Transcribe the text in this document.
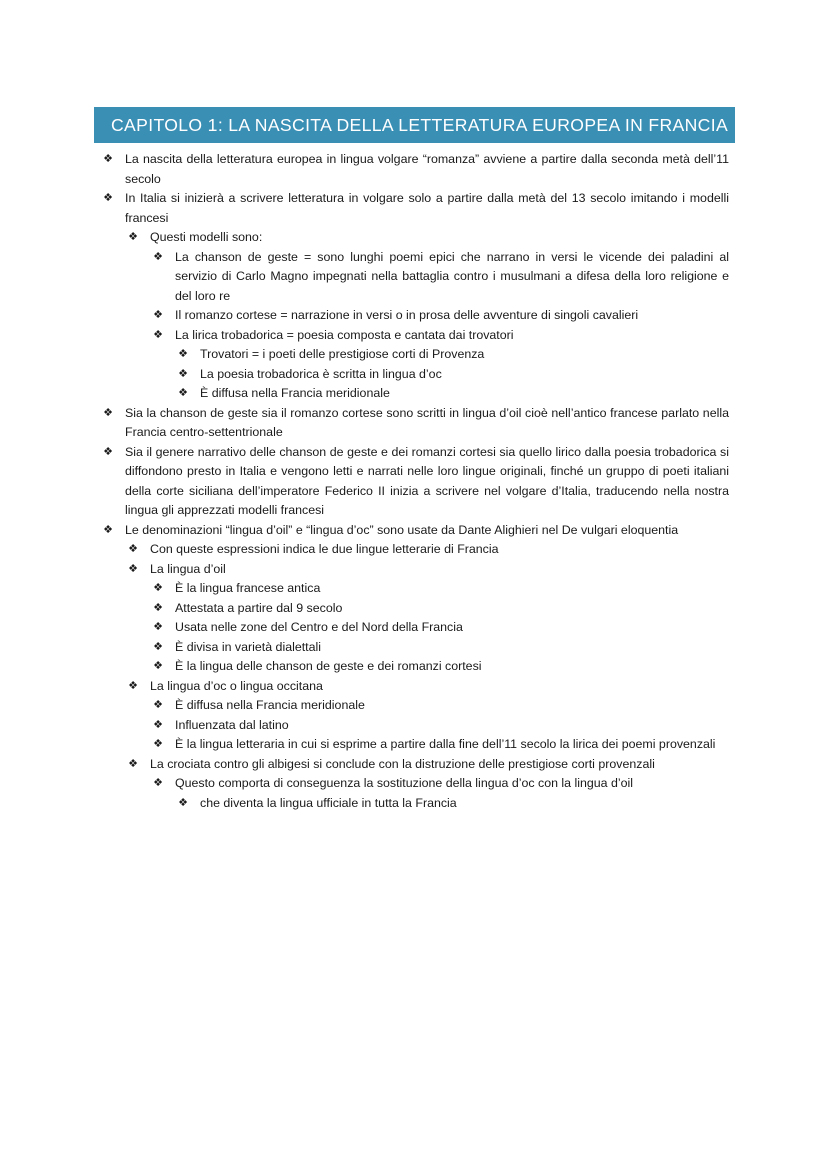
CAPITOLO 1: LA NASCITA DELLA LETTERATURA EUROPEA IN FRANCIA
❖ La nascita della letteratura europea in lingua volgare “romanza” avviene a partire dalla seconda metà dell’11 secolo
❖ In Italia si inizierà a scrivere letteratura in volgare solo a partire dalla metà del 13 secolo imitando i modelli francesi
❖ Questi modelli sono:
❖ La chanson de geste = sono lunghi poemi epici che narrano in versi le vicende dei paladini al servizio di Carlo Magno impegnati nella battaglia contro i musulmani a difesa della loro religione e del loro re
❖ Il romanzo cortese = narrazione in versi o in prosa delle avventure di singoli cavalieri
❖ La lirica trobadorica = poesia composta e cantata dai trovatori
❖ Trovatori = i poeti delle prestigiose corti di Provenza
❖ La poesia trobadorica è scritta in lingua d’oc
❖ È diffusa nella Francia meridionale
❖ Sia la chanson de geste sia il romanzo cortese sono scritti in lingua d’oil cioè nell’antico francese parlato nella Francia centro-settentrionale
❖ Sia il genere narrativo delle chanson de geste e dei romanzi cortesi sia quello lirico dalla poesia trobadorica si diffondono presto in Italia e vengono letti e narrati nelle loro lingue originali, finché un gruppo di poeti italiani della corte siciliana dell’imperatore Federico II inizia a scrivere nel volgare d’Italia, traducendo nella nostra lingua gli apprezzati modelli francesi
❖ Le denominazioni “lingua d’oil” e “lingua d’oc” sono usate da Dante Alighieri nel De vulgari eloquentia
❖ Con queste espressioni indica le due lingue letterarie di Francia
❖ La lingua d’oil
❖ È la lingua francese antica
❖ Attestata a partire dal 9 secolo
❖ Usata nelle zone del Centro e del Nord della Francia
❖ È divisa in varietà dialettali
❖ È la lingua delle chanson de geste e dei romanzi cortesi
❖ La lingua d’oc o lingua occitana
❖ È diffusa nella Francia meridionale
❖ Influenzata dal latino
❖ È la lingua letteraria in cui si esprime a partire dalla fine dell’11 secolo la lirica dei poemi provenzali
❖ La crociata contro gli albigesi si conclude con la distruzione delle prestigiose corti provenzali
❖ Questo comporta di conseguenza la sostituzione della lingua d’oc con la lingua d’oil
❖ che diventa la lingua ufficiale in tutta la Francia
